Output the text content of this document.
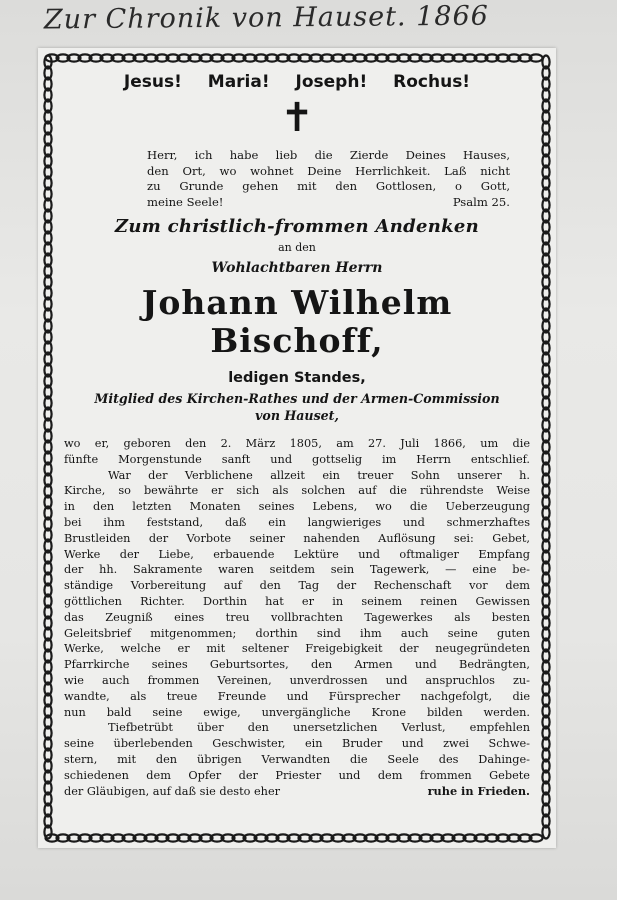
Zur Chronik von Hauset. 1866
Jesus! Maria! Joseph! Rochus!
✝
Herr, ich habe lieb die Zierde Deines Hauses,
den Ort, wo wohnet Deine Herrlichkeit. Laß nicht
zu Grunde gehen mit den Gottlosen, o Gott,
meine Seele!	Psalm 25.
Zum christlich-frommen Andenken
an den
Wohlachtbaren Herrn
Johann Wilhelm Bischoff,
ledigen Standes,
Mitglied des Kirchen-Rathes und der Armen-Commission
von Hauset,
wo er, geboren den 2. März 1805, am 27. Juli 1866, um die
fünfte Morgenstunde sanft und gottselig im Herrn entschlief.
War der Verblichene allzeit ein treuer Sohn unserer h.
Kirche, so bewährte er sich als solchen auf die rührendste Weise
in den letzten Monaten seines Lebens, wo die Ueberzeugung
bei ihm feststand, daß ein langwieriges und schmerzhaftes
Brustleiden der Vorbote seiner nahenden Auflösung sei: Gebet,
Werke der Liebe, erbauende Lektüre und oftmaliger Empfang
der hh. Sakramente waren seitdem sein Tagewerk, — eine be-
ständige Vorbereitung auf den Tag der Rechenschaft vor dem
göttlichen Richter. Dorthin hat er in seinem reinen Gewissen
das Zeugniß eines treu vollbrachten Tagewerkes als besten
Geleitsbrief mitgenommen; dorthin sind ihm auch seine guten
Werke, welche er mit seltener Freigebigkeit der neugegründeten
Pfarrkirche seines Geburtsortes, den Armen und Bedrängten,
wie auch frommen Vereinen, unverdrossen und anspruchlos zu-
wandte, als treue Freunde und Fürsprecher nachgefolgt, die
nun bald seine ewige, unvergängliche Krone bilden werden.
Tiefbetrübt über den unersetzlichen Verlust, empfehlen
seine überlebenden Geschwister, ein Bruder und zwei Schwe-
stern, mit den übrigen Verwandten die Seele des Dahinge-
schiedenen dem Opfer der Priester und dem frommen Gebete
der Gläubigen, auf daß sie desto eher	ruhe in Frieden.
